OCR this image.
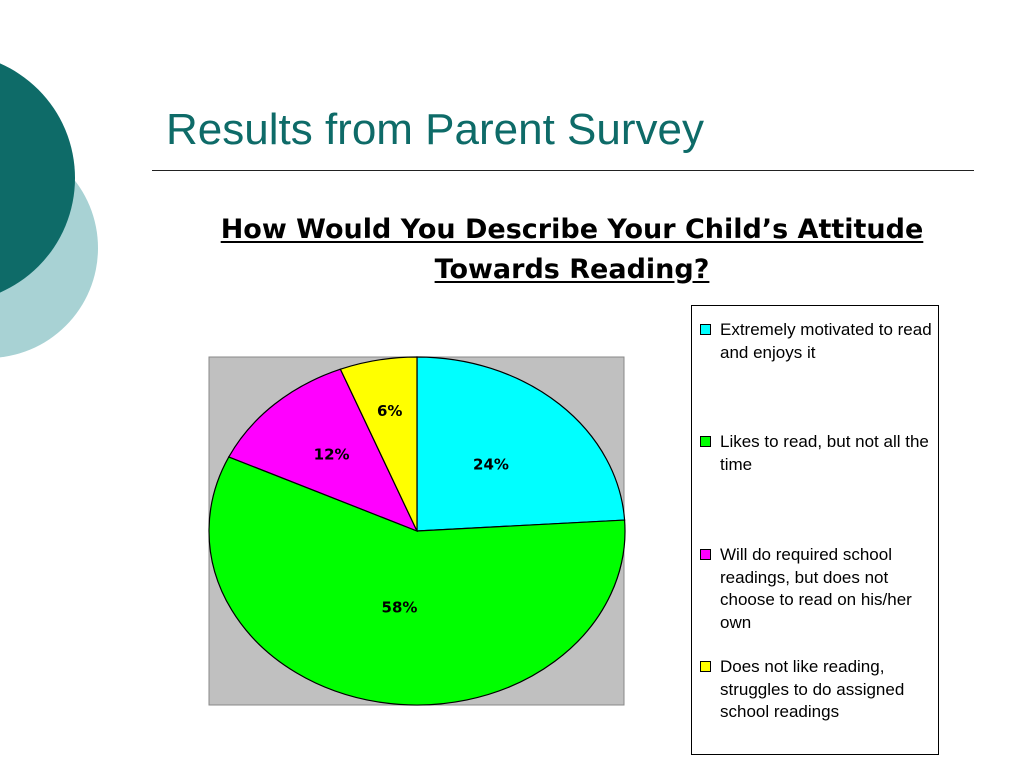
Results from Parent Survey
How Would You Describe Your Child’s Attitude Towards Reading?
24%
58%
12%
6%
Extremely motivated to read and enjoys it
Likes to read, but not all the time
Will do required school readings, but does not choose to read on his/her own
Does not like reading, struggles to do assigned school readings
